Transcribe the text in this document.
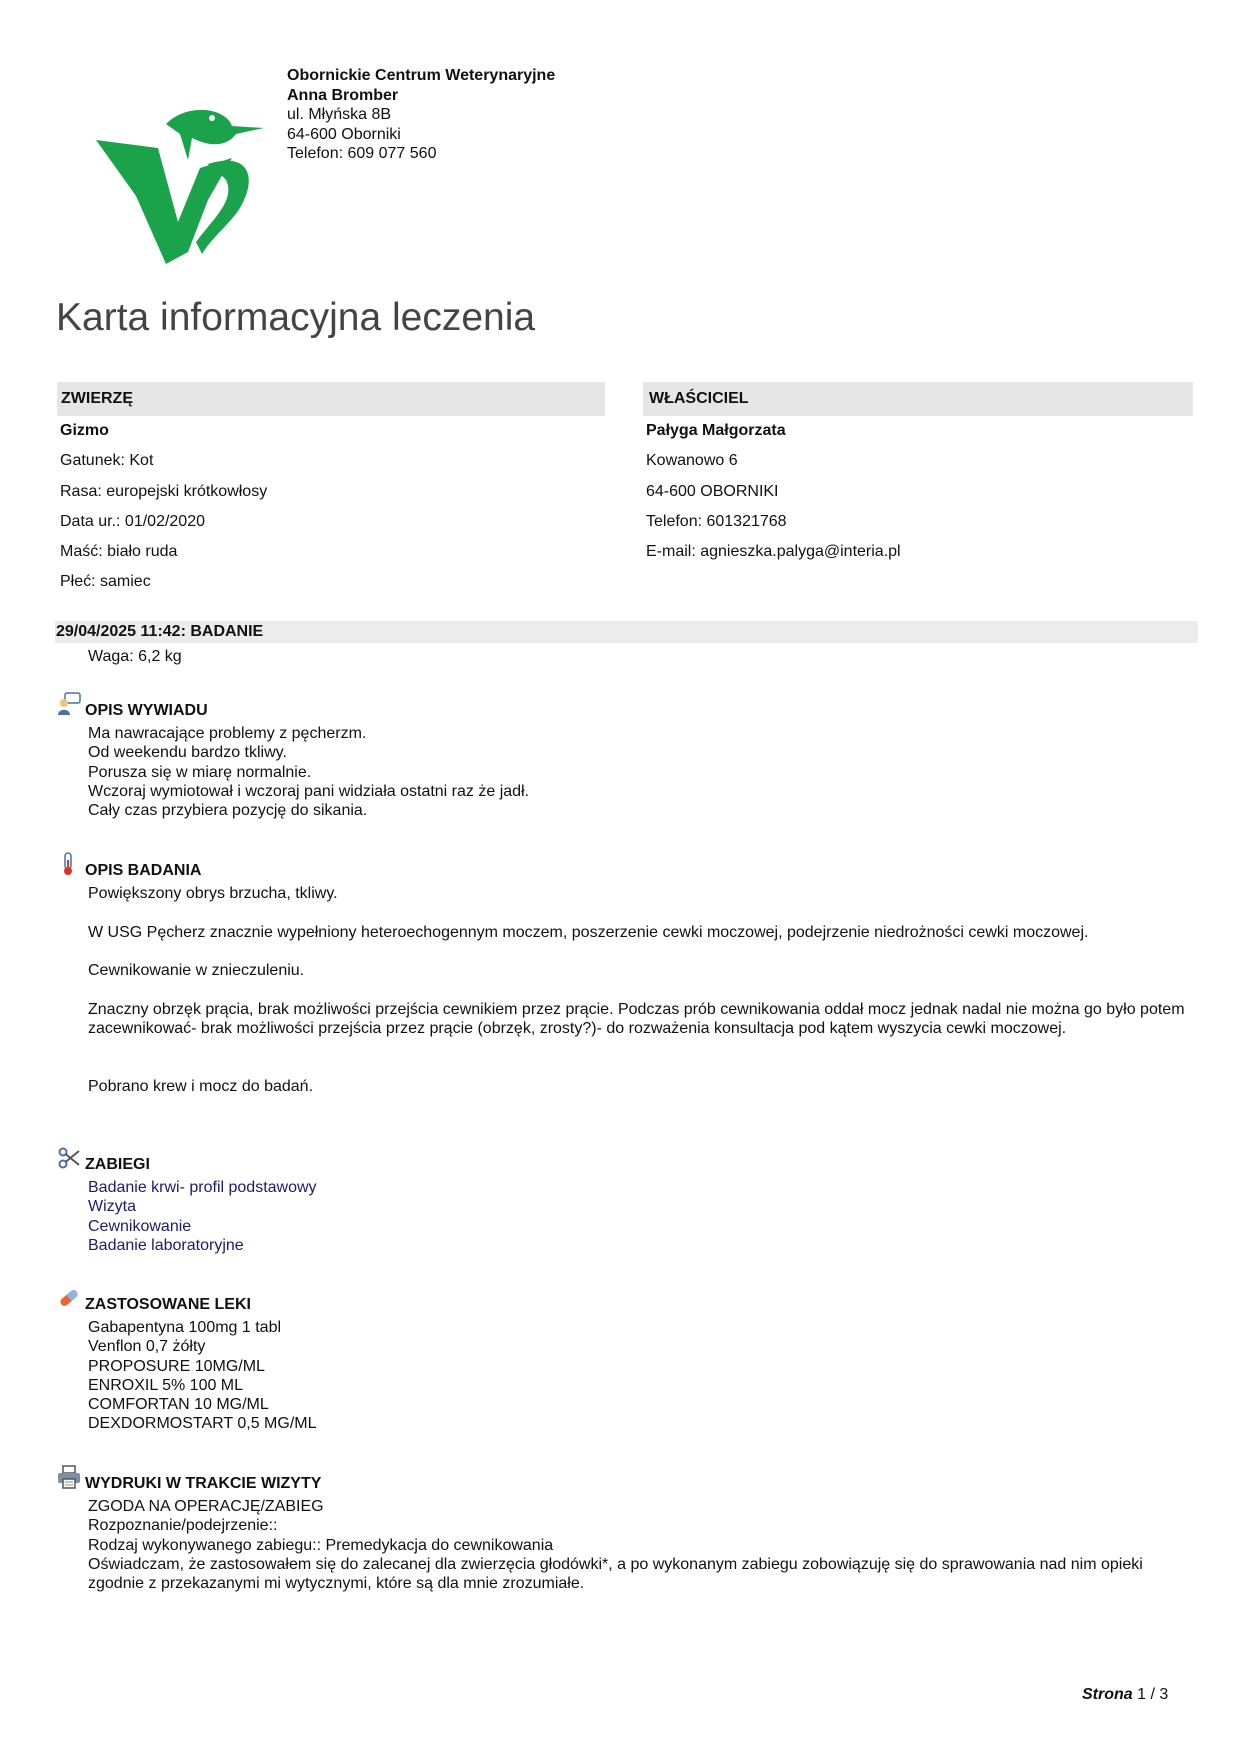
Obornickie Centrum Weterynaryjne
Anna Bromber
ul. Młyńska 8B
64-600 Oborniki
Telefon: 609 077 560
Karta informacyjna leczenia
ZWIERZĘ
Gizmo
Gatunek: Kot
Rasa: europejski krótkowłosy
Data ur.: 01/02/2020
Maść: biało ruda
Płeć: samiec
WŁAŚCICIEL
Pałyga Małgorzata
Kowanowo 6
64-600 OBORNIKI
Telefon: 601321768
E-mail: agnieszka.palyga@interia.pl
29/04/2025 11:42: BADANIE
Waga: 6,2 kg
OPIS WYWIADU
Ma nawracające problemy z pęcherzm.
Od weekendu bardzo tkliwy.
Porusza się w miarę normalnie.
Wczoraj wymiotował i wczoraj pani widziała ostatni raz że jadł.
Cały czas przybiera pozycję do sikania.
OPIS BADANIA
Powiększony obrys brzucha, tkliwy.
W USG Pęcherz znacznie wypełniony heteroechogennym moczem, poszerzenie cewki moczowej, podejrzenie niedrożności cewki moczowej.
Cewnikowanie w znieczuleniu.
Znaczny obrzęk prącia, brak możliwości przejścia cewnikiem przez prącie. Podczas prób cewnikowania oddał mocz jednak nadal nie można go było potem zacewnikować- brak możliwości przejścia przez prącie (obrzęk, zrosty?)- do rozważenia konsultacja pod kątem wyszycia cewki moczowej.
Pobrano krew i mocz do badań.
ZABIEGI
Badanie krwi- profil podstawowy
Wizyta
Cewnikowanie
Badanie laboratoryjne
ZASTOSOWANE LEKI
Gabapentyna 100mg 1 tabl
Venflon 0,7 żółty
PROPOSURE 10MG/ML
ENROXIL 5% 100 ML
COMFORTAN 10 MG/ML
DEXDORMOSTART 0,5 MG/ML
WYDRUKI W TRAKCIE WIZYTY
ZGODA NA OPERACJĘ/ZABIEG
Rozpoznanie/podejrzenie::
Rodzaj wykonywanego zabiegu:: Premedykacja do cewnikowania
Oświadczam, że zastosowałem się do zalecanej dla zwierzęcia głodówki*, a po wykonanym zabiegu zobowiązuję się do sprawowania nad nim opieki zgodnie z przekazanymi mi wytycznymi, które są dla mnie zrozumiałe.
Strona 1 / 3
